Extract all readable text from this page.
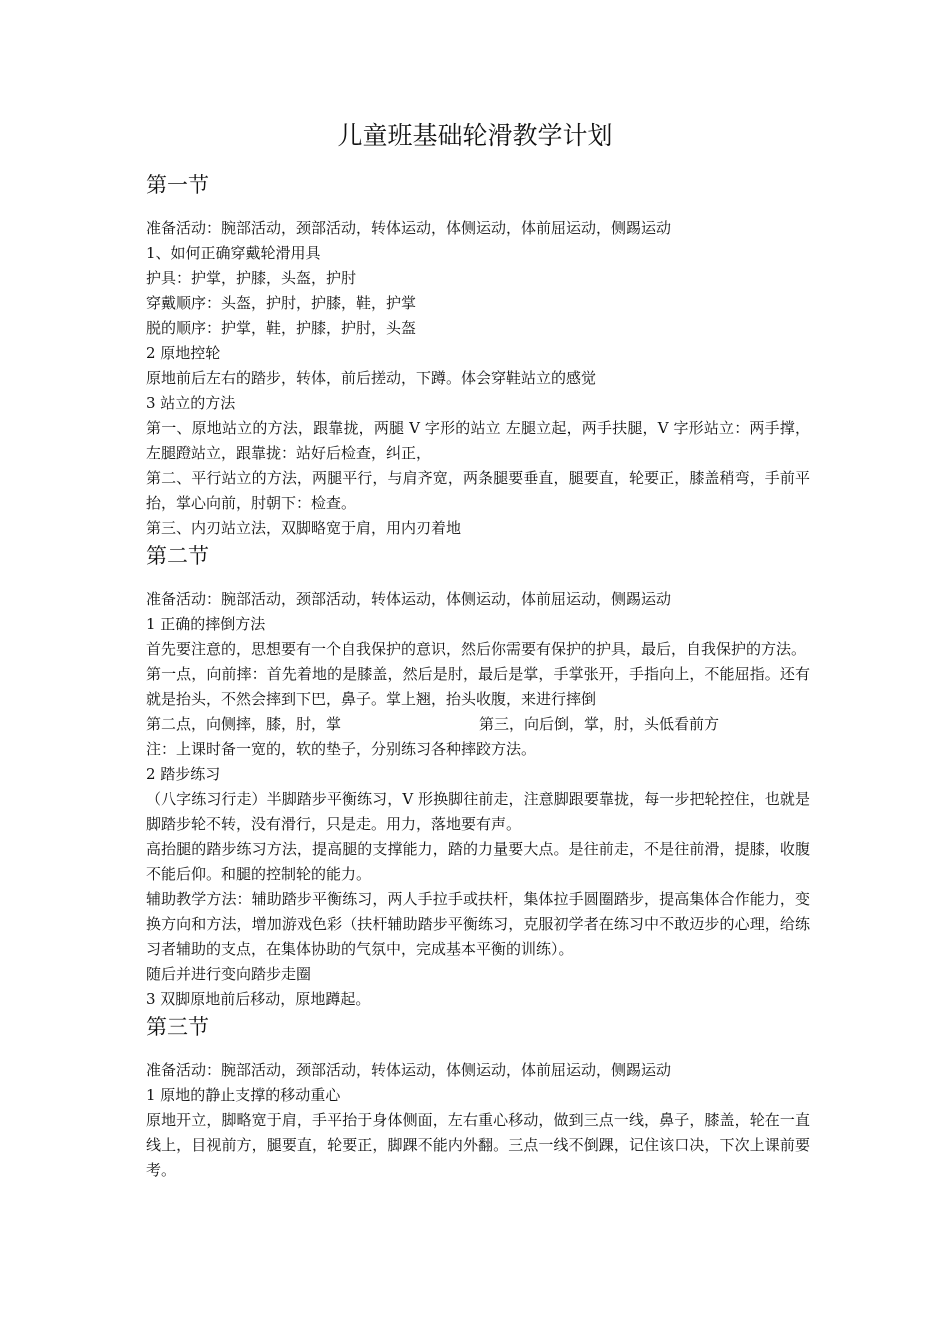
儿童班基础轮滑教学计划
第一节
准备活动：腕部活动，颈部活动，转体运动，体侧运动，体前屈运动，侧踢运动
1、如何正确穿戴轮滑用具
护具：护掌，护膝，头盔，护肘
穿戴顺序：头盔，护肘，护膝，鞋，护掌
脱的顺序：护掌，鞋，护膝，护肘，头盔
2 原地控轮
原地前后左右的踏步，转体，前后搓动，下蹲。体会穿鞋站立的感觉
3 站立的方法
第一、原地站立的方法，跟靠拢，两腿 V 字形的站立 左腿立起，两手扶腿，V 字形站立：两手撑，左腿蹬站立，跟靠拢：站好后检查，纠正，
第二、平行站立的方法，两腿平行，与肩齐宽，两条腿要垂直，腿要直，轮要正，膝盖稍弯，手前平抬，掌心向前，肘朝下：检查。
第三、内刃站立法，双脚略宽于肩，用内刃着地
第二节
准备活动：腕部活动，颈部活动，转体运动，体侧运动，体前屈运动，侧踢运动
1 正确的摔倒方法
首先要注意的，思想要有一个自我保护的意识，然后你需要有保护的护具，最后，自我保护的方法。
第一点，向前摔：首先着地的是膝盖，然后是肘，最后是掌，手掌张开，手指向上，不能屈指。还有就是抬头，不然会摔到下巴，鼻子。掌上翘，抬头收腹，来进行摔倒
第二点，向侧摔，膝，肘，掌	第三，向后倒，掌，肘，头低看前方
注：上课时备一宽的，软的垫子，分别练习各种摔跤方法。
2 踏步练习
（八字练习行走）半脚踏步平衡练习，V 形换脚往前走，注意脚跟要靠拢，每一步把轮控住，也就是脚踏步轮不转，没有滑行，只是走。用力，落地要有声。
高抬腿的踏步练习方法，提高腿的支撑能力，踏的力量要大点。是往前走，不是往前滑，提膝，收腹不能后仰。和腿的控制轮的能力。
辅助教学方法：辅助踏步平衡练习，两人手拉手或扶杆，集体拉手圆圈踏步，提高集体合作能力，变换方向和方法，增加游戏色彩（扶杆辅助踏步平衡练习，克服初学者在练习中不敢迈步的心理，给练习者辅助的支点，在集体协助的气氛中，完成基本平衡的训练）。
随后并进行变向踏步走圈
3 双脚原地前后移动，原地蹲起。
第三节
准备活动：腕部活动，颈部活动，转体运动，体侧运动，体前屈运动，侧踢运动
1 原地的静止支撑的移动重心
原地开立，脚略宽于肩，手平抬于身体侧面，左右重心移动，做到三点一线，鼻子，膝盖，轮在一直线上，目视前方，腿要直，轮要正，脚踝不能内外翻。三点一线不倒踝，记住该口决，下次上课前要考。
